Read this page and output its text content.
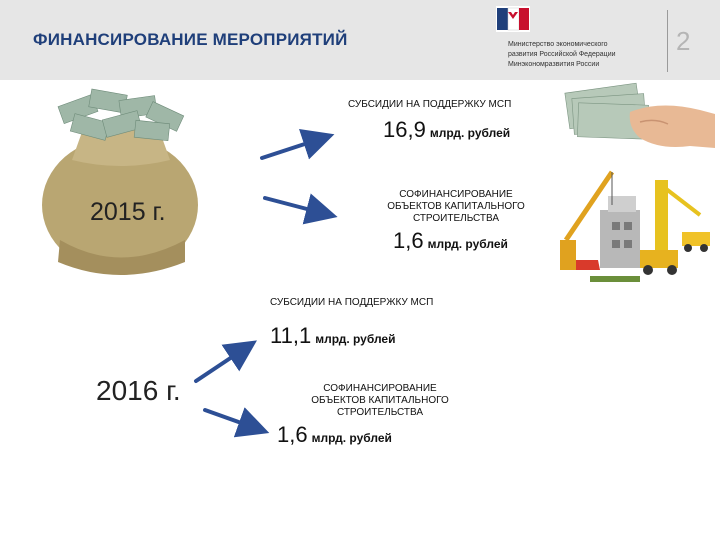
ФИНАНСИРОВАНИЕ МЕРОПРИЯТИЙ	Министерство экономического
развития Российской Федерации
Минэкономразвития России
2
2015 г.
СУБСИДИИ НА ПОДДЕРЖКУ МСП
16,9 млрд. рублей
СОФИНАНСИРОВАНИЕ
ОБЪЕКТОВ КАПИТАЛЬНОГО
СТРОИТЕЛЬСТВА
1,6 млрд. рублей
2016 г.
СУБСИДИИ НА ПОДДЕРЖКУ МСП
11,1 млрд. рублей
СОФИНАНСИРОВАНИЕ
ОБЪЕКТОВ КАПИТАЛЬНОГО
СТРОИТЕЛЬСТВА
1,6 млрд. рублей
